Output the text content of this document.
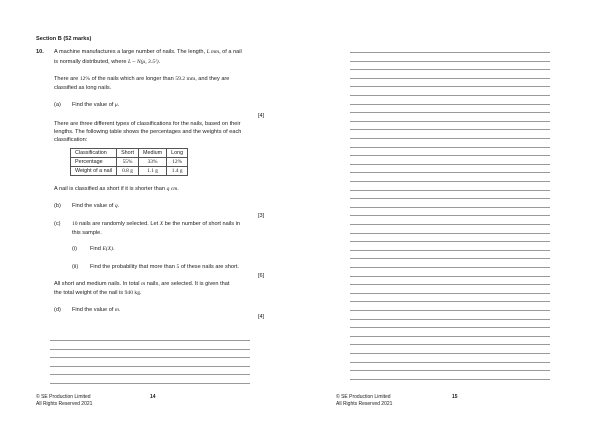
Section B (52 marks)
10. A machine manufactures a large number of nails. The length, L mm, of a nail
is normally distributed, where L ~ N(μ, 3.5²).
There are 12% of the nails which are longer than 59.2 mm, and they are
classified as long nails.
(a) Find the value of μ.
[4]
There are three different types of classifications for the nails, based on their
lengths. The following table shows the percentages and the weights of each
classification:
Classification	Short	Medium	Long
Percentage	55%	33%	12%
Weight of a nail	0.8 g	1.1 g	1.4 g
A nail is classified as short if it is shorter than q cm.
(b) Find the value of q.
[3]
(c) 10 nails are randomly selected. Let X be the number of short nails in
this sample.
(i) Find E(X).
(ii) Find the probability that more than 5 of these nails are short.
[6]
All short and medium nails. In total m nails, are selected. It is given that
the total weight of the nail is 940 kg.
(d) Find the value of m.
[4]
© SE Production Limited
All Rights Reserved 2021
14	© SE Production Limited
All Rights Reserved 2021
15
